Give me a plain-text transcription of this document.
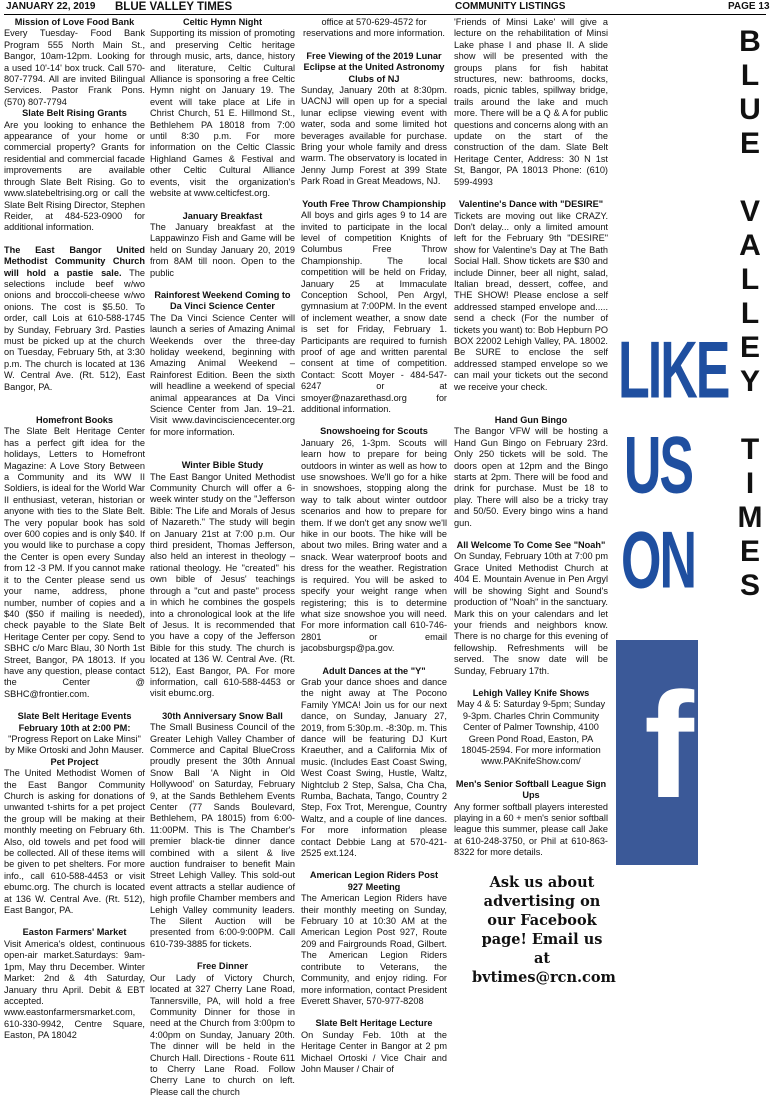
JANUARY 22, 2019 BLUE VALLEY TIMES	COMMUNITY LISTINGS	PAGE 13

Mission of Love Food Bank

Every Tuesday- Food Bank Program 555 North Main St., Bangor, 10am-12pm. Looking for a used 10'-14' box truck. Call 570-807-7794. All are invited Bilingual Services. Pastor Frank Pons. (570) 807-7794

Slate Belt Rising Grants

Are you looking to enhance the appearance of your home or commercial property? Grants for residential and commercial facade improvements are available through Slate Belt Rising. Go to www.slatebeltrising.org or call the Slate Belt Rising Director, Stephen Reider, at 484-523-0900 for additional information.

The East Bangor United Methodist Community Church will hold a pastie sale. The selections include beef w/wo onions and broccoli-cheese w/wo onions. The cost is $5.50. To order, call Lois at 610-588-1745 by Sunday, February 3rd. Pasties must be picked up at the church on Tuesday, February 5th, at 3:30 p.m. The church is located at 136 W. Central Ave. (Rt. 512), East Bangor, PA.

Homefront Books

The Slate Belt Heritage Center has a perfect gift idea for the holidays, Letters to Homefront Magazine: A Love Story Between a Community and its WW II Soldiers, is ideal for the World War II enthusiast, veteran, historian or anyone with ties to the Slate Belt. The very popular book has sold over 600 copies and is only $40. If you would like to purchase a copy the Center is open every Sunday from 12 -3 PM. If you cannot make it to the Center please send us your name, address, phone number, number of copies and a $40 ($50 if mailing is needed), check payable to the Slate Belt Heritage Center per copy. Send to SBHC c/o Marc Blau, 30 North 1st Street, Bangor, PA 18013. If you have any question, please contact the Center @ SBHC@frontier.com.

Slate Belt Heritage Events

February 10th at 2:00 PM: "Progress Report on Lake Minsi" by Mike Ortoski and John Mauser.

Pet Project

The United Methodist Women of the East Bangor Community Church is asking for donations of unwanted t-shirts for a pet project the group will be making at their monthly meeting on February 6th. Also, old towels and pet food will be collected. All of these items will be given to pet shelters. For more info., call 610-588-4453 or visit ebumc.org. The church is located at 136 W. Central Ave. (Rt. 512), East Bangor, PA.

Easton Farmers' Market

Visit America's oldest, continuous open-air market.Saturdays: 9am-1pm, May thru December. Winter Market: 2nd & 4th Saturday, January thru April. Debit & EBT accepted. www.eastonfarmersmarket.com, 610-330-9942, Centre Square, Easton, PA 18042

Celtic Hymn Night

Supporting its mission of promoting and preserving Celtic heritage through music, arts, dance, history and literature, Celtic Cultural Alliance is sponsoring a free Celtic Hymn night on January 19. The event will take place at Life in Christ Church, 51 E. Hillmond St., Bethlehem PA 18018 from 7:00 until 8:30 p.m. For more information on the Celtic Classic Highland Games & Festival and other Celtic Cultural Alliance events, visit the organization's website at www.celticfest.org.

January Breakfast

The January breakfast at the Lappawinzo Fish and Game will be held on Sunday January 20, 2019 from 8AM till noon. Open to the public

Rainforest Weekend Coming to Da Vinci Science Center

The Da Vinci Science Center will launch a series of Amazing Animal Weekends over the three-day holiday weekend, beginning with Amazing Animal Weekend – Rainforest Edition. Been the sixth will headline a weekend of special animal appearances at Da Vinci Science Center from Jan. 19–21. Visit www.davincisciencecenter.org for more information.

Winter Bible Study

The East Bangor United Methodist Community Church will offer a 6-week winter study on the "Jefferson Bible: The Life and Morals of Jesus of Nazareth." The study will begin on January 21st at 7:00 p.m. Our third president, Thomas Jefferson, also held an interest in theology – rational theology. He "created" his own bible of Jesus' teachings through a "cut and paste" process in which he combines the gospels into a chronological look at the life of Jesus. It is recommended that you have a copy of the Jefferson Bible for this study. The church is located at 136 W. Central Ave. (Rt. 512), East Bangor, PA. For more information, call 610-588-4453 or visit ebumc.org.

30th Anniversary Snow Ball

The Small Business Council of the Greater Lehigh Valley Chamber of Commerce and Capital BlueCross proudly present the 30th Annual Snow Ball 'A Night in Old Hollywood' on Saturday, February 9, at the Sands Bethlehem Events Center (77 Sands Boulevard, Bethlehem, PA 18015) from 6:00-11:00PM. This is The Chamber's premier black-tie dinner dance combined with a silent & live auction fundraiser to benefit Main Street Lehigh Valley. This sold-out event attracts a stellar audience of high profile Chamber members and Lehigh Valley community leaders. The Silent Auction will be presented from 6:00-9:00PM. Call 610-739-3885 for tickets.

Free Dinner

Our Lady of Victory Church, located at 327 Cherry Lane Road, Tannersville, PA, will hold a free Community Dinner for those in need at the Church from 3:00pm to 4:00pm on Sunday, January 20th. The dinner will be held in the Church Hall. Directions - Route 611 to Cherry Lane Road. Follow Cherry Lane to church on left. Please call the church

office at 570-629-4572 for reservations and more information.

Free Viewing of the 2019 Lunar Eclipse at the United Astronomy Clubs of NJ

Sunday, January 20th at 8:30pm. UACNJ will open up for a special lunar eclipse viewing event with water, soda and some limited hot beverages available for purchase. Bring your whole family and dress warm. The observatory is located in Jenny Jump Forest at 399 State Park Road in Great Meadows, NJ.

Youth Free Throw Championship

All boys and girls ages 9 to 14 are invited to participate in the local level of competition Knights of Columbus Free Throw Championship. The local competition will be held on Friday, January 25 at Immaculate Conception School, Pen Argyl, gymnasium at 7:00PM. In the event of inclement weather, a snow date is set for Friday, February 1. Participants are required to furnish proof of age and written parental consent at time of competition. Contact: Scott Moyer - 484-547-6247 or at smoyer@nazarethasd.org for additional information.

Snowshoeing for Scouts

January 26, 1-3pm. Scouts will learn how to prepare for being outdoors in winter as well as how to use snowshoes. We'll go for a hike in snowshoes, stopping along the way to talk about winter outdoor scenarios and how to prepare for them. If we don't get any snow we'll hike in our boots. The hike will be about two miles. Bring water and a snack. Wear waterproof boots and dress for the weather. Registration is required. You will be asked to specify your weight range when registering; this is to determine what size snowshoe you will need. For more information call 610-746-2801 or email jacobsburgsp@pa.gov.

Adult Dances at the "Y"

Grab your dance shoes and dance the night away at The Pocono Family YMCA! Join us for our next dance, on Sunday, January 27, 2019, from 5:30p.m. -8:30p. m. This dance will be featuring DJ Kurt Kraeuther, and a California Mix of music. (Includes East Coast Swing, West Coast Swing, Hustle, Waltz, Nightclub 2 Step, Salsa, Cha Cha, Rumba, Bachata, Tango, Country 2 Step, Fox Trot, Merengue, Country Waltz, and a couple of line dances. For more information please contact Debbie Lang at 570-421-2525 ext.124.

American Legion Riders Post 927 Meeting

The American Legion Riders have their monthly meeting on Sunday, February 10 at 10:30 AM at the American Legion Post 927, Route 209 and Fairgrounds Road, Gilbert. The American Legion Riders contribute to Veterans, the Community, and enjoy riding. For more information, contact President Everett Shaver, 570-977-8208

Slate Belt Heritage Lecture

On Sunday Feb. 10th at the Heritage Center in Bangor at 2 pm Michael Ortoski / Vice Chair and John Mauser / Chair of

'Friends of Minsi Lake' will give a lecture on the rehabilitation of Minsi Lake phase I and phase II. A slide show will be presented with the groups plans for fish habitat structures, new: bathrooms, docks, roads, picnic tables, spillway bridge, trails around the lake and much more. There will be a Q & A for public questions and concerns along with an update on the start of the construction of the dam. Slate Belt Heritage Center, Address: 30 N 1st St, Bangor, PA 18013 Phone: (610) 599-4993

Valentine's Dance with "DESIRE"

Tickets are moving out like CRAZY. Don't delay... only a limited amount left for the February 9th "DESIRE" show for Valentine's Day at The Bath Social Hall. Show tickets are $30 and include Dinner, beer all night, salad, Italian bread, dessert, coffee, and THE SHOW! Please enclose a self addressed stamped envelope and..... send a check (For the number of tickets you want) to: Bob Hepburn PO BOX 22002 Lehigh Valley, PA. 18002. Be SURE to enclose the self addressed stamped envelope so we can mail your tickets out the second we receive your check.

Hand Gun Bingo

The Bangor VFW will be hosting a Hand Gun Bingo on February 23rd. Only 250 tickets will be sold. The doors open at 12pm and the Bingo starts at 2pm. There will be food and drink for purchase. Must be 18 to play. There will also be a tricky tray and 50/50. Every bingo wins a hand gun.

All Welcome To Come See "Noah"

On Sunday, February 10th at 7:00 pm Grace United Methodist Church at 404 E. Mountain Avenue in Pen Argyl will be showing Sight and Sound's production of "Noah" in the sanctuary. Mark this on your calendars and let your friends and neighbors know. There is no charge for this evening of fellowship. Refreshments will be served. The snow date will be Sunday, February 17th.

Lehigh Valley Knife Shows

May 4 & 5: Saturday 9-5pm; Sunday 9-3pm. Charles Chrin Community Center of Palmer Township, 4100 Green Pond Road, Easton, PA 18045-2594. For more information www.PAKnifeShow.com/

Men's Senior Softball League Sign Ups

Any former softball players interested playing in a 60 + men's senior softball league this summer, please call Jake at 610-248-3750, or Phil at 610-863-8322 for more details.

LIKE
US
ON
f
Ask us about advertising on our Facebook page! Email us at bvtimes@rcn.com
B
L
U
E
V
A
L
L
E
Y
T
I
M
E
S
